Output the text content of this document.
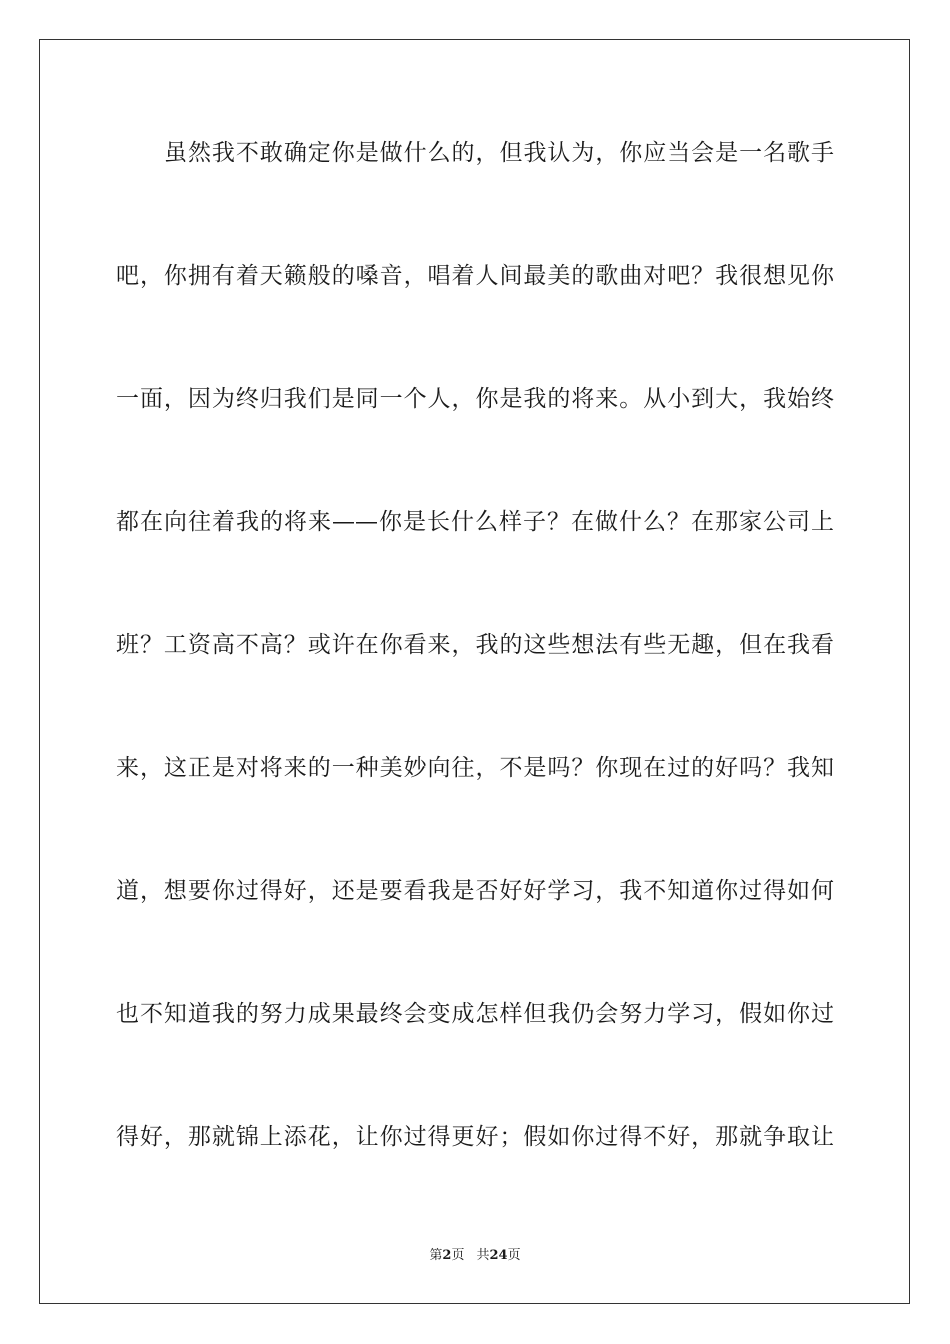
虽然我不敢确定你是做什么的，但我认为，你应当会是一名歌手
吧，你拥有着天籁般的嗓音，唱着人间最美的歌曲对吧？我很想见你
一面，因为终归我们是同一个人，你是我的将来。从小到大，我始终
都在向往着我的将来——你是长什么样子？在做什么？在那家公司上
班？工资高不高？或许在你看来，我的这些想法有些无趣，但在我看
来，这正是对将来的一种美妙向往，不是吗？你现在过的好吗？我知
道，想要你过得好，还是要看我是否好好学习，我不知道你过得如何
也不知道我的努力成果最终会变成怎样但我仍会努力学习，假如你过
得好，那就锦上添花，让你过得更好；假如你过得不好，那就争取让
第2页 共24页
